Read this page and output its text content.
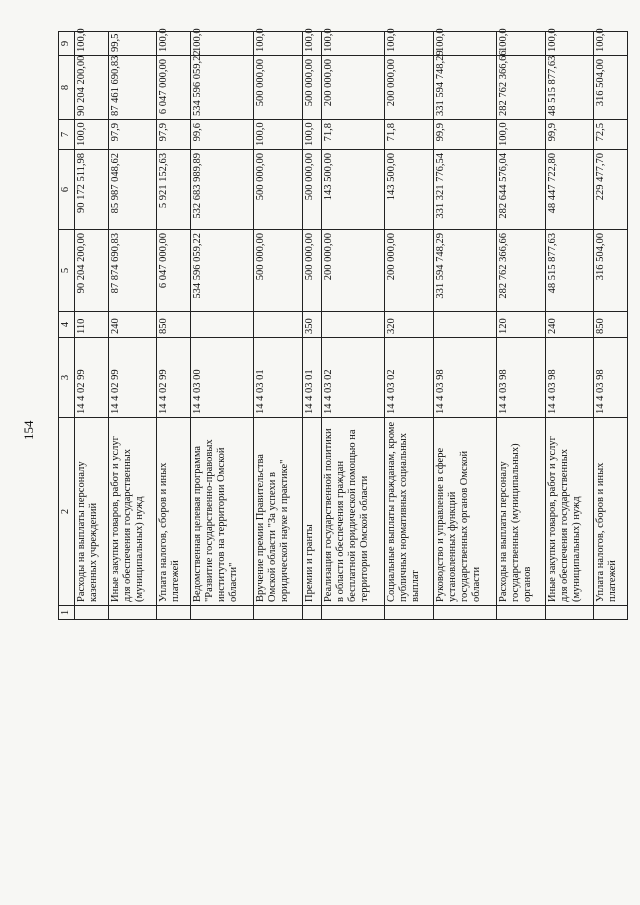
154
1	2	3	4	5	6	7	8	9
	Расходы на выплаты персоналу казенных учреждений	14 4 02 99	110	90 204 200,00	90 172 511,98	100,0	90 204 200,00	100,0
	Иные закупки товаров, работ и услуг для обеспечения государственных (муниципальных) нужд	14 4 02 99	240	87 874 690,83	85 987 048,62	97,9	87 461 690,83	99,5
	Уплата налогов, сборов и иных платежей	14 4 02 99	850	6 047 000,00	5 921 152,63	97,9	6 047 000,00	100,0
	Ведомственная целевая программа "Развитие государственно-правовых институтов на территории Омской области"	14 4 03 00		534 596 059,22	532 683 989,89	99,6	534 596 059,22	100,0
	Вручение премии Правительства Омской области "За успехи в юридической науке и практике"	14 4 03 01		500 000,00	500 000,00	100,0	500 000,00	100,0
	Премии и гранты	14 4 03 01	350	500 000,00	500 000,00	100,0	500 000,00	100,0
	Реализация государственной политики в области обеспечения граждан бесплатной юридической помощью на территории Омской области	14 4 03 02		200 000,00	143 500,00	71,8	200 000,00	100,0
	Социальные выплаты гражданам, кроме публичных нормативных социальных выплат	14 4 03 02	320	200 000,00	143 500,00	71,8	200 000,00	100,0
	Руководство и управление в сфере установленных функций государственных органов Омской области	14 4 03 98		331 594 748,29	331 321 776,54	99,9	331 594 748,29	100,0
	Расходы на выплаты персоналу государственных (муниципальных) органов	14 4 03 98	120	282 762 366,66	282 644 576,04	100,0	282 762 366,66	100,0
	Иные закупки товаров, работ и услуг для обеспечения государственных (муниципальных) нужд	14 4 03 98	240	48 515 877,63	48 447 722,80	99,9	48 515 877,63	100,0
	Уплата налогов, сборов и иных платежей	14 4 03 98	850	316 504,00	229 477,70	72,5	316 504,00	100,0
